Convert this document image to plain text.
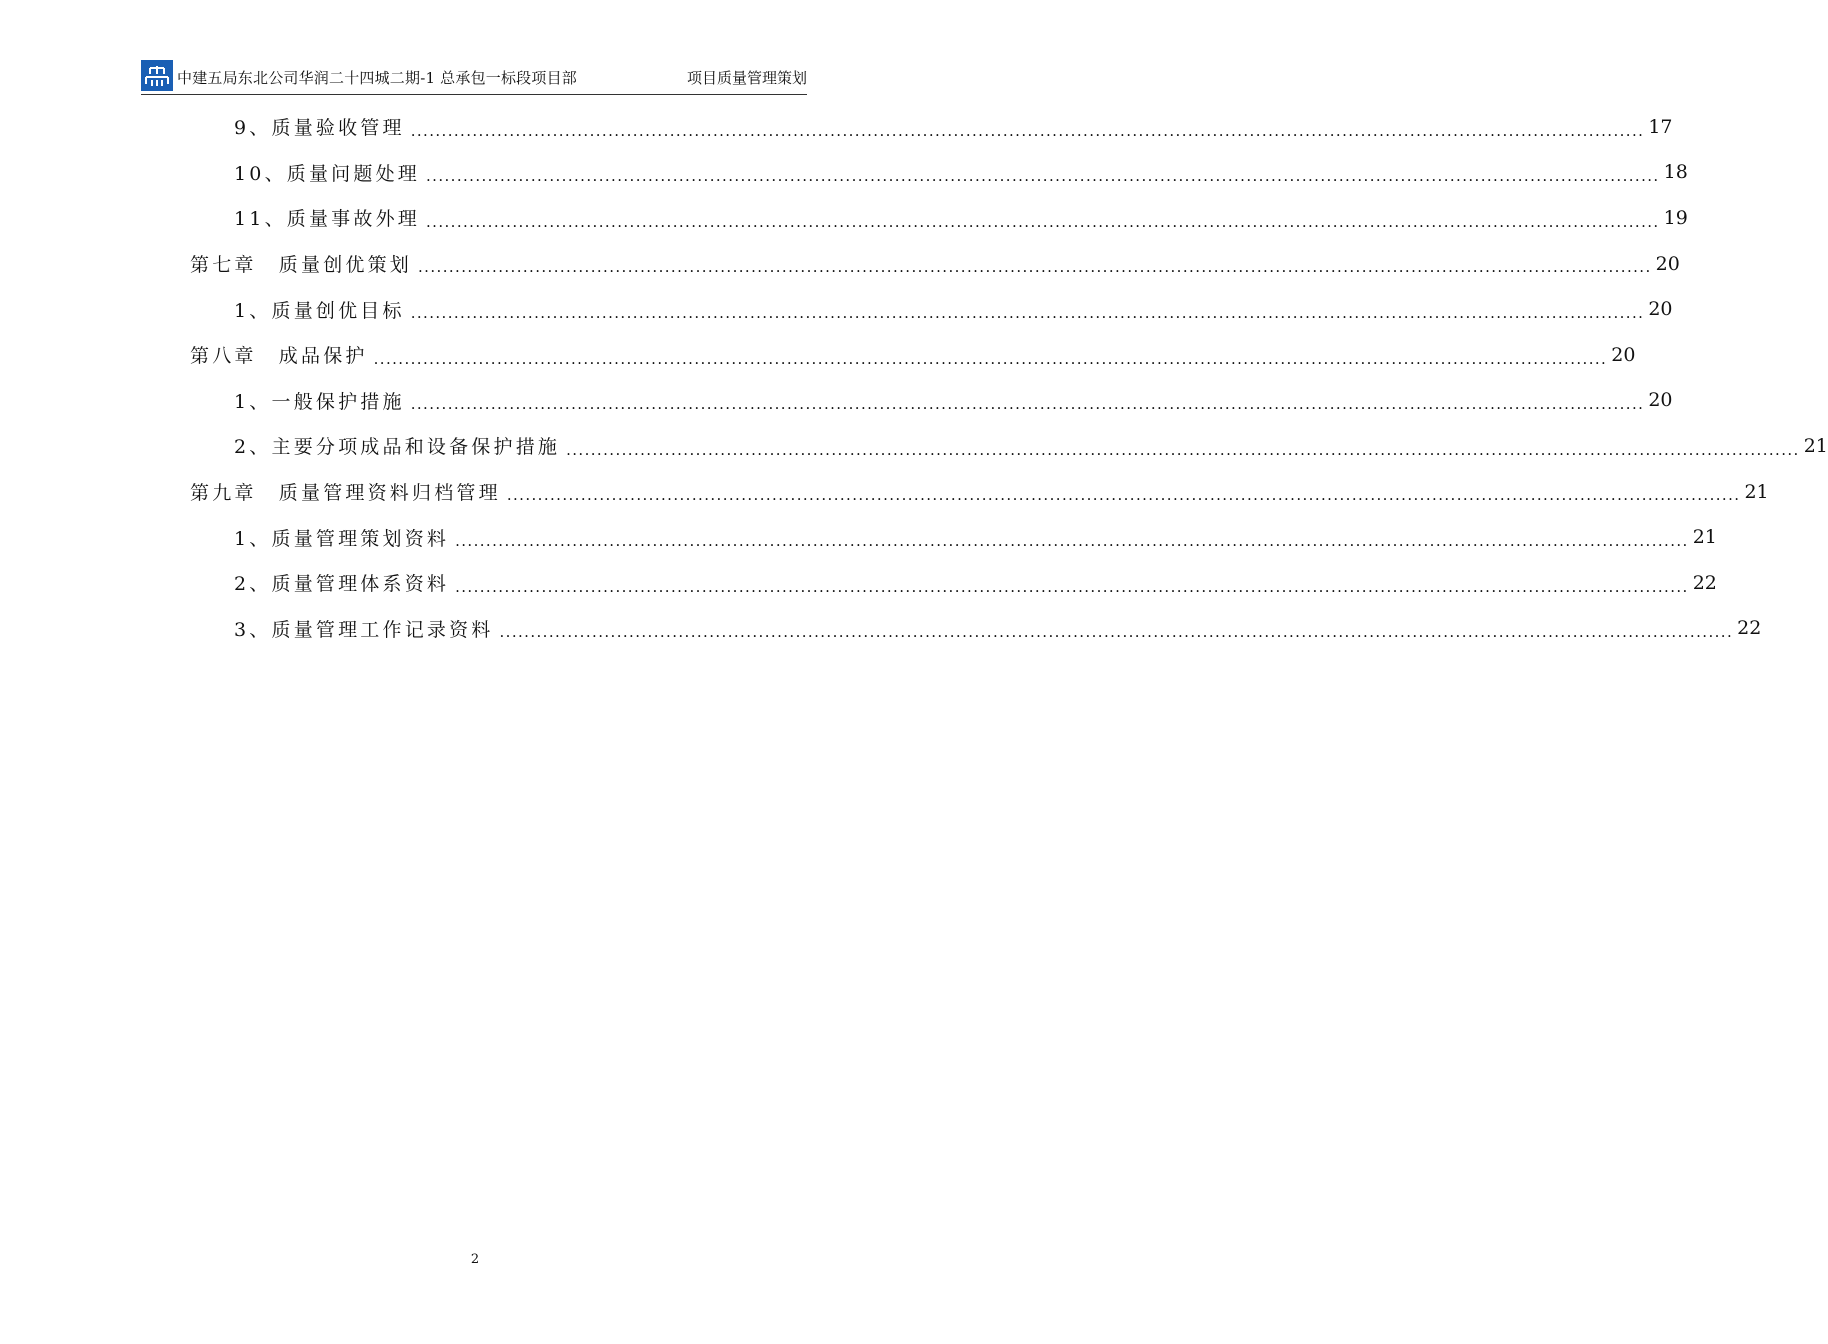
中建五局东北公司华润二十四城二期-1 总承包一标段项目部	项目质量管理策划
9、质量验收管理 ........................................................................................................................................................................................................ 17
10、质量问题处理 ........................................................................................................................................................................................................ 18
11、质量事故外理 ........................................................................................................................................................................................................ 19
第七章　质量创优策划 ........................................................................................................................................................................................................ 20
1、质量创优目标 ........................................................................................................................................................................................................ 20
第八章　成品保护 ........................................................................................................................................................................................................ 20
1、一般保护措施 ........................................................................................................................................................................................................ 20
2、主要分项成品和设备保护措施 ........................................................................................................................................................................................................ 21
第九章　质量管理资料归档管理 ........................................................................................................................................................................................................ 21
1、质量管理策划资料 ........................................................................................................................................................................................................ 21
2、质量管理体系资料 ........................................................................................................................................................................................................ 22
3、质量管理工作记录资料 ........................................................................................................................................................................................................ 22
2
